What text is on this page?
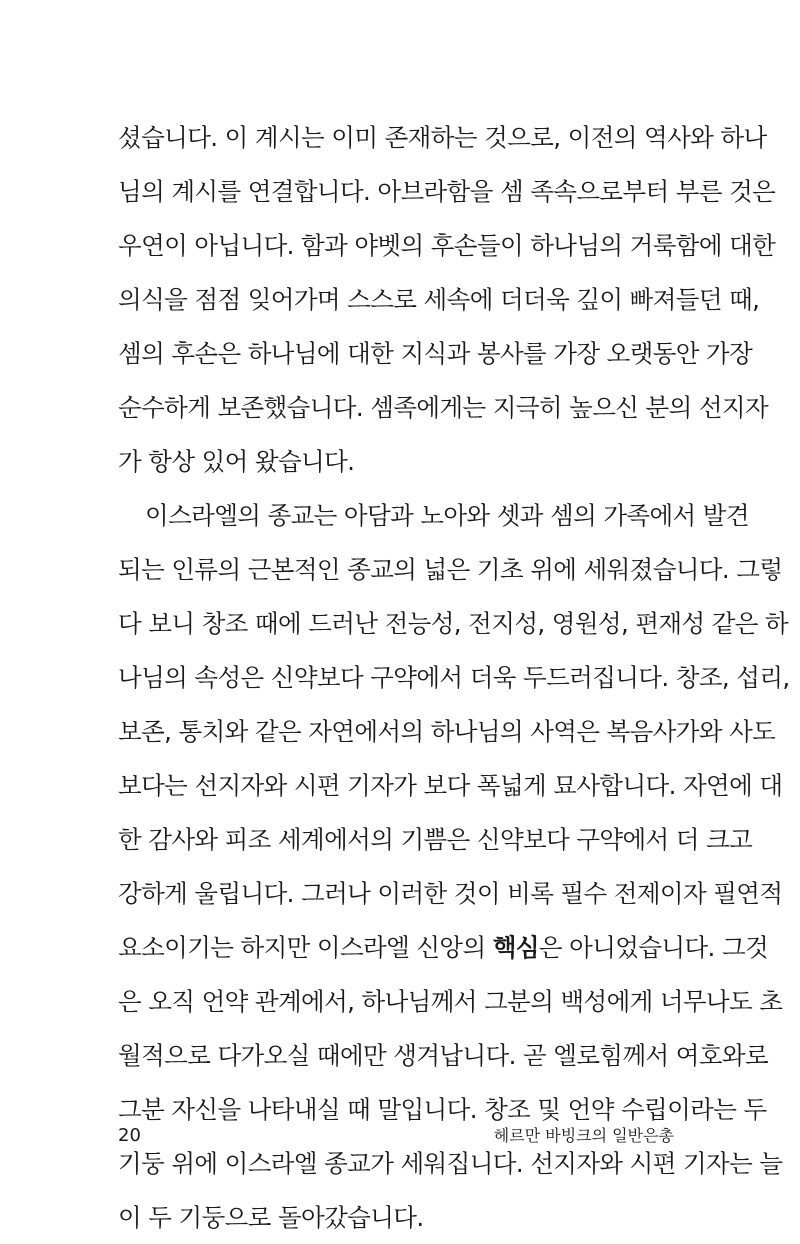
셨습니다. 이 계시는 이미 존재하는 것으로, 이전의 역사와 하나
님의 계시를 연결합니다. 아브라함을 셈 족속으로부터 부른 것은
우연이 아닙니다. 함과 야벳의 후손들이 하나님의 거룩함에 대한
의식을 점점 잊어가며 스스로 세속에 더더욱 깊이 빠져들던 때,
셈의 후손은 하나님에 대한 지식과 봉사를 가장 오랫동안 가장
순수하게 보존했습니다. 셈족에게는 지극히 높으신 분의 선지자
가 항상 있어 왔습니다.
이스라엘의 종교는 아담과 노아와 셋과 셈의 가족에서 발견
되는 인류의 근본적인 종교의 넓은 기초 위에 세워졌습니다. 그렇
다 보니 창조 때에 드러난 전능성, 전지성, 영원성, 편재성 같은 하
나님의 속성은 신약보다 구약에서 더욱 두드러집니다. 창조, 섭리,
보존, 통치와 같은 자연에서의 하나님의 사역은 복음사가와 사도
보다는 선지자와 시편 기자가 보다 폭넓게 묘사합니다. 자연에 대
한 감사와 피조 세계에서의 기쁨은 신약보다 구약에서 더 크고
강하게 울립니다. 그러나 이러한 것이 비록 필수 전제이자 필연적
요소이기는 하지만 이스라엘 신앙의 핵심은 아니었습니다. 그것
은 오직 언약 관계에서, 하나님께서 그분의 백성에게 너무나도 초
월적으로 다가오실 때에만 생겨납니다. 곧 엘로힘께서 여호와로
그분 자신을 나타내실 때 말입니다. 창조 및 언약 수립이라는 두
기둥 위에 이스라엘 종교가 세워집니다. 선지자와 시편 기자는 늘
이 두 기둥으로 돌아갔습니다.
20	헤르만 바빙크의 일반은총
